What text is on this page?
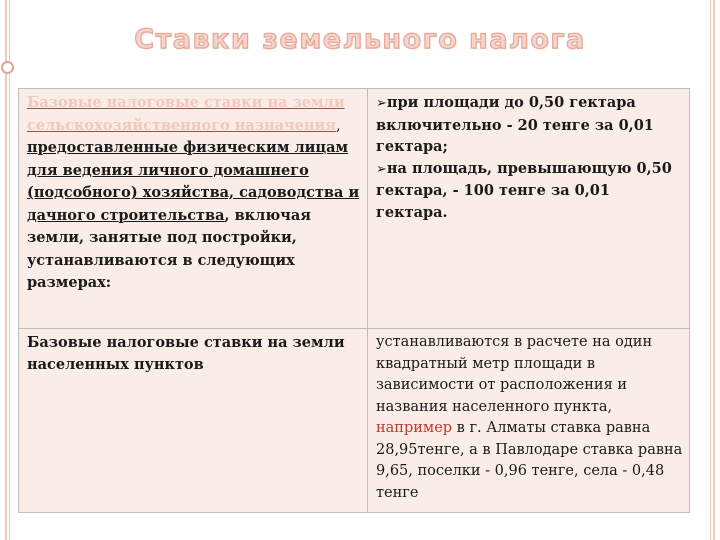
Ставки земельного налога
Базовые налоговые ставки на земли сельскохозяйственного назначения, предоставленные физическим лицам для ведения личного домашнего (подсобного) хозяйства, садоводства и дачного строительства, включая земли, занятые под постройки, устанавливаются в следующих размерах:	➢при площади до 0,50 гектара включительно - 20 тенге за 0,01 гектара;
➢на площадь, превышающую 0,50 гектара, - 100 тенге за 0,01 гектара.

Базовые налоговые ставки на земли населенных пунктов	устанавливаются в расчете на один квадратный метр площади в зависимости от расположения и названия населенного пункта, например в г. Алматы ставка равна 28,95тенге, а в Павлодаре ставка равна 9,65, поселки - 0,96 тенге, села - 0,48 тенге
